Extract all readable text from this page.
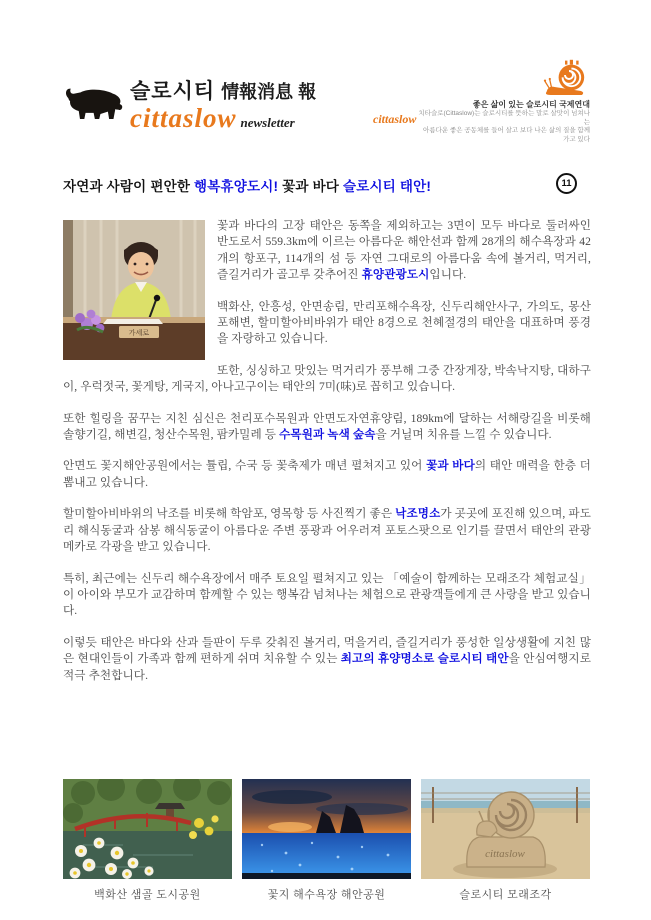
슬로시티 情報消息 報
cittaslow newsletter
좋은 삶이 있는 슬로시티 국제연대
치타슬로(Cittaslow)는 슬로시티를 뜻하는 말로 살맛이 넘쳐나는
아름다운 좋은 공동체를 들어 살고 보다 나은 삶의 질을 함께 가고 있다
cittaslow
자연과 사람이 편안한 행복휴양도시! 꽃과 바다 슬로시티 태안!	11
가세로

꽃과 바다의 고장 태안은 동쪽을 제외하고는 3면이 모두 바다로 둘러싸인 반도로서 559.3km에 이르는 아름다운 해안선과 함께 28개의 해수욕장과 42개의 항포구, 114개의 섬 등 자연 그대로의 아름다움 속에 볼거리, 먹거리, 즐길거리가 골고루 갖추어진 휴양관광도시입니다.

백화산, 안흥성, 안면송림, 만리포해수욕장, 신두리해안사구, 가의도, 몽산포해변, 할미할아비바위가 태안 8경으로 천혜절경의 태안을 대표하며 풍경을 자랑하고 있습니다.

또한, 싱싱하고 맛있는 먹거리가 풍부해 그중 간장게장, 박속낙지탕, 대하구이, 우럭젓국, 꽃게탕, 게국지, 아나고구이는 태안의 7미(味)로 꼽히고 있습니다.

또한 힐링을 꿈꾸는 지친 심신은 천리포수목원과 안면도자연휴양림, 189km에 달하는 서해랑길을 비롯해 솔향기길, 해변길, 청산수목원, 팜카밀레 등 수목원과 녹색 숲속을 거닐며 치유를 느낄 수 있습니다.

안면도 꽃지해안공원에서는 튤립, 수국 등 꽃축제가 매년 펼쳐지고 있어 꽃과 바다의 태안 매력을 한층 더 뽐내고 있습니다.

할미할아비바위의 낙조를 비롯해 학암포, 영목항 등 사진찍기 좋은 낙조명소가 곳곳에 포진해 있으며, 파도리 해식동굴과 삼봉 해식동굴이 아름다운 주변 풍광과 어우러져 포토스팟으로 인기를 끌면서 태안의 관광메카로 각광을 받고 있습니다.

특히, 최근에는 신두리 해수욕장에서 매주 토요일 펼쳐지고 있는 「예술이 함께하는 모래조각 체험교실」이 아이와 부모가 교감하며 함께할 수 있는 행복감 넘쳐나는 체험으로 관광객들에게 큰 사랑을 받고 있습니다.

이렇듯 태안은 바다와 산과 들판이 두루 갖춰진 볼거리, 먹을거리, 즐길거리가 풍성한 일상생활에 지친 많은 현대인들이 가족과 함께 편하게 쉬며 치유할 수 있는 최고의 휴양명소로 슬로시티 태안을 안심여행지로 적극 추천합니다.

백화산 샘골 도시공원	꽃지 해수욕장 해안공원
cittaslow
슬로시티 모래조각
